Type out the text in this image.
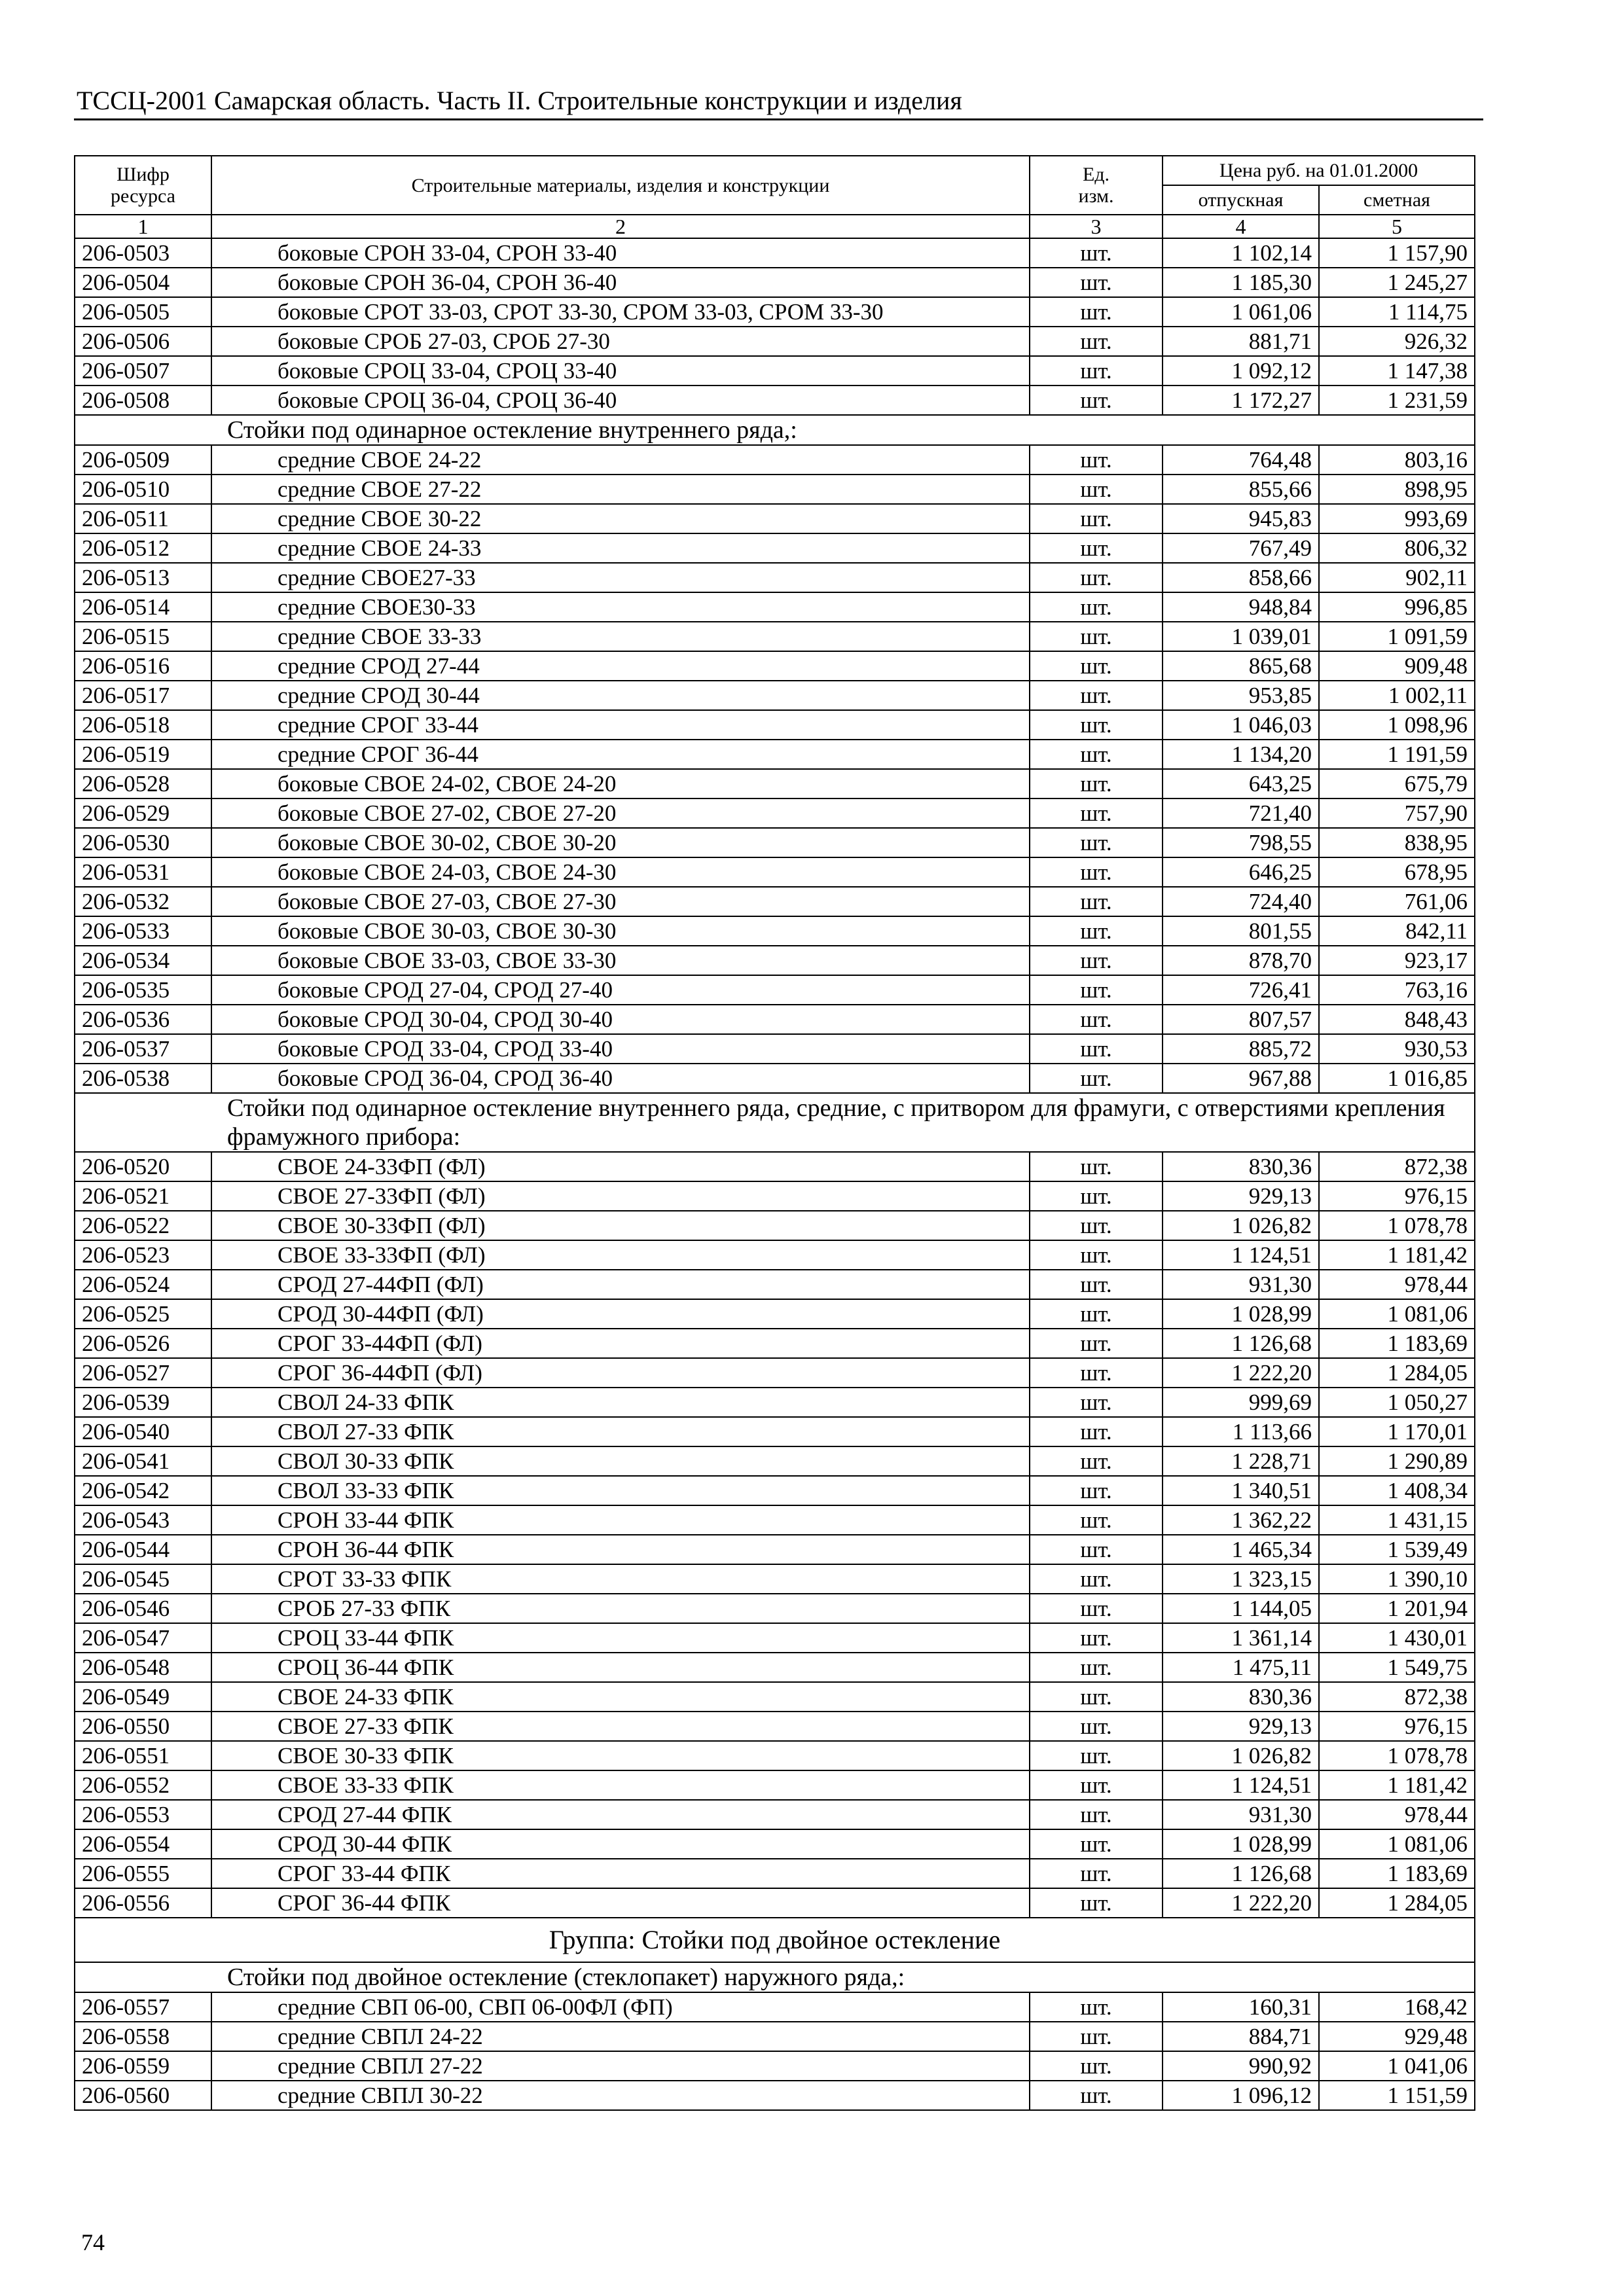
ТССЦ-2001 Самарская область. Часть II. Строительные конструкции и изделия
Шифр ресурса	Строительные материалы, изделия и конструкции	Ед. изм.	Цена руб. на 01.01.2000	
			отпускная	сметная
1	2	3	4	5
206-0503	боковые СРОН 33-04, СРОН 33-40	шт.	1 102,14	1 157,90
206-0504	боковые СРОН 36-04, СРОН 36-40	шт.	1 185,30	1 245,27
206-0505	боковые СРОТ 33-03, СРОТ 33-30, СРОМ 33-03, СРОМ 33-30	шт.	1 061,06	1 114,75
206-0506	боковые СРОБ 27-03, СРОБ 27-30	шт.	881,71	926,32
206-0507	боковые СРОЦ 33-04, СРОЦ 33-40	шт.	1 092,12	1 147,38
206-0508	боковые СРОЦ 36-04, СРОЦ 36-40	шт.	1 172,27	1 231,59
Стойки под одинарное остекление внутреннего ряда,:				
206-0509	средние СВОЕ 24-22	шт.	764,48	803,16
206-0510	средние СВОЕ 27-22	шт.	855,66	898,95
206-0511	средние СВОЕ 30-22	шт.	945,83	993,69
206-0512	средние СВОЕ 24-33	шт.	767,49	806,32
206-0513	средние СВОЕ27-33	шт.	858,66	902,11
206-0514	средние СВОЕ30-33	шт.	948,84	996,85
206-0515	средние СВОЕ 33-33	шт.	1 039,01	1 091,59
206-0516	средние СРОД 27-44	шт.	865,68	909,48
206-0517	средние СРОД 30-44	шт.	953,85	1 002,11
206-0518	средние СРОГ 33-44	шт.	1 046,03	1 098,96
206-0519	средние СРОГ 36-44	шт.	1 134,20	1 191,59
206-0528	боковые СВОЕ 24-02, СВОЕ 24-20	шт.	643,25	675,79
206-0529	боковые СВОЕ 27-02, СВОЕ 27-20	шт.	721,40	757,90
206-0530	боковые СВОЕ 30-02, СВОЕ 30-20	шт.	798,55	838,95
206-0531	боковые СВОЕ 24-03, СВОЕ 24-30	шт.	646,25	678,95
206-0532	боковые СВОЕ 27-03, СВОЕ 27-30	шт.	724,40	761,06
206-0533	боковые СВОЕ 30-03, СВОЕ 30-30	шт.	801,55	842,11
206-0534	боковые СВОЕ 33-03, СВОЕ 33-30	шт.	878,70	923,17
206-0535	боковые СРОД 27-04, СРОД 27-40	шт.	726,41	763,16
206-0536	боковые СРОД 30-04, СРОД 30-40	шт.	807,57	848,43
206-0537	боковые СРОД 33-04, СРОД 33-40	шт.	885,72	930,53
206-0538	боковые СРОД 36-04, СРОД 36-40	шт.	967,88	1 016,85
Стойки под одинарное остекление внутреннего ряда, средние, с притвором для фрамуги, с отверстиями крепления фрамужного прибора:				
206-0520	СВОЕ 24-33ФП (ФЛ)	шт.	830,36	872,38
206-0521	СВОЕ 27-33ФП (ФЛ)	шт.	929,13	976,15
206-0522	СВОЕ 30-33ФП (ФЛ)	шт.	1 026,82	1 078,78
206-0523	СВОЕ 33-33ФП (ФЛ)	шт.	1 124,51	1 181,42
206-0524	СРОД 27-44ФП (ФЛ)	шт.	931,30	978,44
206-0525	СРОД 30-44ФП (ФЛ)	шт.	1 028,99	1 081,06
206-0526	СРОГ 33-44ФП (ФЛ)	шт.	1 126,68	1 183,69
206-0527	СРОГ 36-44ФП (ФЛ)	шт.	1 222,20	1 284,05
206-0539	СВОЛ 24-33 ФПК	шт.	999,69	1 050,27
206-0540	СВОЛ 27-33 ФПК	шт.	1 113,66	1 170,01
206-0541	СВОЛ 30-33 ФПК	шт.	1 228,71	1 290,89
206-0542	СВОЛ 33-33 ФПК	шт.	1 340,51	1 408,34
206-0543	СРОН 33-44 ФПК	шт.	1 362,22	1 431,15
206-0544	СРОН 36-44 ФПК	шт.	1 465,34	1 539,49
206-0545	СРОТ 33-33 ФПК	шт.	1 323,15	1 390,10
206-0546	СРОБ 27-33 ФПК	шт.	1 144,05	1 201,94
206-0547	СРОЦ 33-44 ФПК	шт.	1 361,14	1 430,01
206-0548	СРОЦ 36-44 ФПК	шт.	1 475,11	1 549,75
206-0549	СВОЕ 24-33 ФПК	шт.	830,36	872,38
206-0550	СВОЕ 27-33 ФПК	шт.	929,13	976,15
206-0551	СВОЕ 30-33 ФПК	шт.	1 026,82	1 078,78
206-0552	СВОЕ 33-33 ФПК	шт.	1 124,51	1 181,42
206-0553	СРОД 27-44 ФПК	шт.	931,30	978,44
206-0554	СРОД 30-44 ФПК	шт.	1 028,99	1 081,06
206-0555	СРОГ 33-44 ФПК	шт.	1 126,68	1 183,69
206-0556	СРОГ 36-44 ФПК	шт.	1 222,20	1 284,05
Группа: Стойки под двойное остекление				
Стойки под двойное остекление (стеклопакет) наружного ряда,:				
206-0557	средние СВП 06-00, СВП 06-00ФЛ (ФП)	шт.	160,31	168,42
206-0558	средние СВПЛ 24-22	шт.	884,71	929,48
206-0559	средние СВПЛ 27-22	шт.	990,92	1 041,06
206-0560	средние СВПЛ 30-22	шт.	1 096,12	1 151,59
74
